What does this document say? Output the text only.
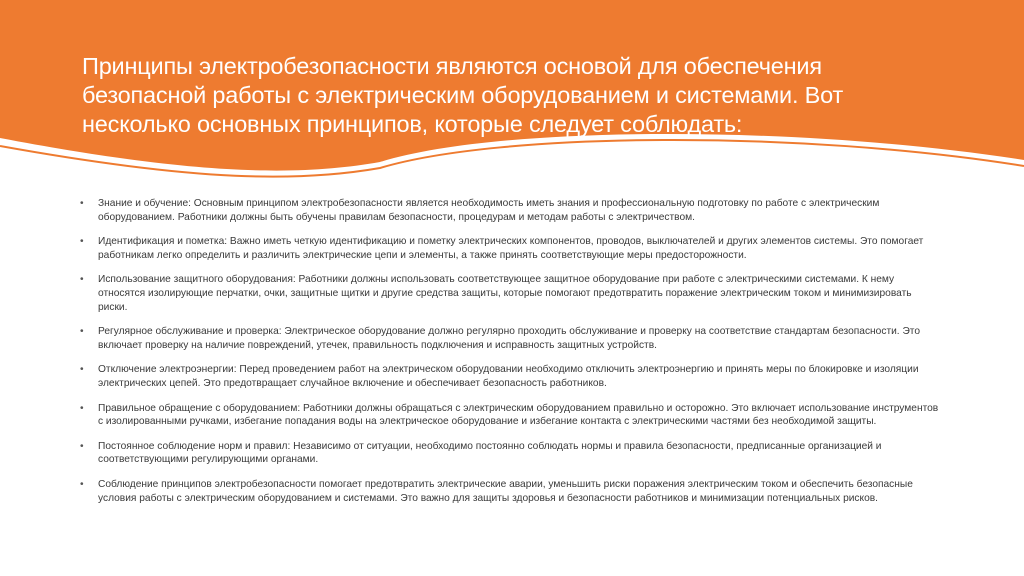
Принципы электробезопасности являются основой для обеспечения безопасной работы с электрическим оборудованием и системами. Вот несколько основных принципов, которые следует соблюдать:
• Знание и обучение: Основным принципом электробезопасности является необходимость иметь знания и профессиональную подготовку по работе с электрическим оборудованием. Работники должны быть обучены правилам безопасности, процедурам и методам работы с электричеством.
• Идентификация и пометка: Важно иметь четкую идентификацию и пометку электрических компонентов, проводов, выключателей и других элементов системы. Это помогает работникам легко определить и различить электрические цепи и элементы, а также принять соответствующие меры предосторожности.
• Использование защитного оборудования: Работники должны использовать соответствующее защитное оборудование при работе с электрическими системами. К нему относятся изолирующие перчатки, очки, защитные щитки и другие средства защиты, которые помогают предотвратить поражение электрическим током и минимизировать риски.
• Регулярное обслуживание и проверка: Электрическое оборудование должно регулярно проходить обслуживание и проверку на соответствие стандартам безопасности. Это включает проверку на наличие повреждений, утечек, правильность подключения и исправность защитных устройств.
• Отключение электроэнергии: Перед проведением работ на электрическом оборудовании необходимо отключить электроэнергию и принять меры по блокировке и изоляции электрических цепей. Это предотвращает случайное включение и обеспечивает безопасность работников.
• Правильное обращение с оборудованием: Работники должны обращаться с электрическим оборудованием правильно и осторожно. Это включает использование инструментов с изолированными ручками, избегание попадания воды на электрическое оборудование и избегание контакта с электрическими частями без необходимой защиты.
• Постоянное соблюдение норм и правил: Независимо от ситуации, необходимо постоянно соблюдать нормы и правила безопасности, предписанные организацией и соответствующими регулирующими органами.
• Соблюдение принципов электробезопасности помогает предотвратить электрические аварии, уменьшить риски поражения электрическим током и обеспечить безопасные условия работы с электрическим оборудованием и системами. Это важно для защиты здоровья и безопасности работников и минимизации потенциальных рисков.
